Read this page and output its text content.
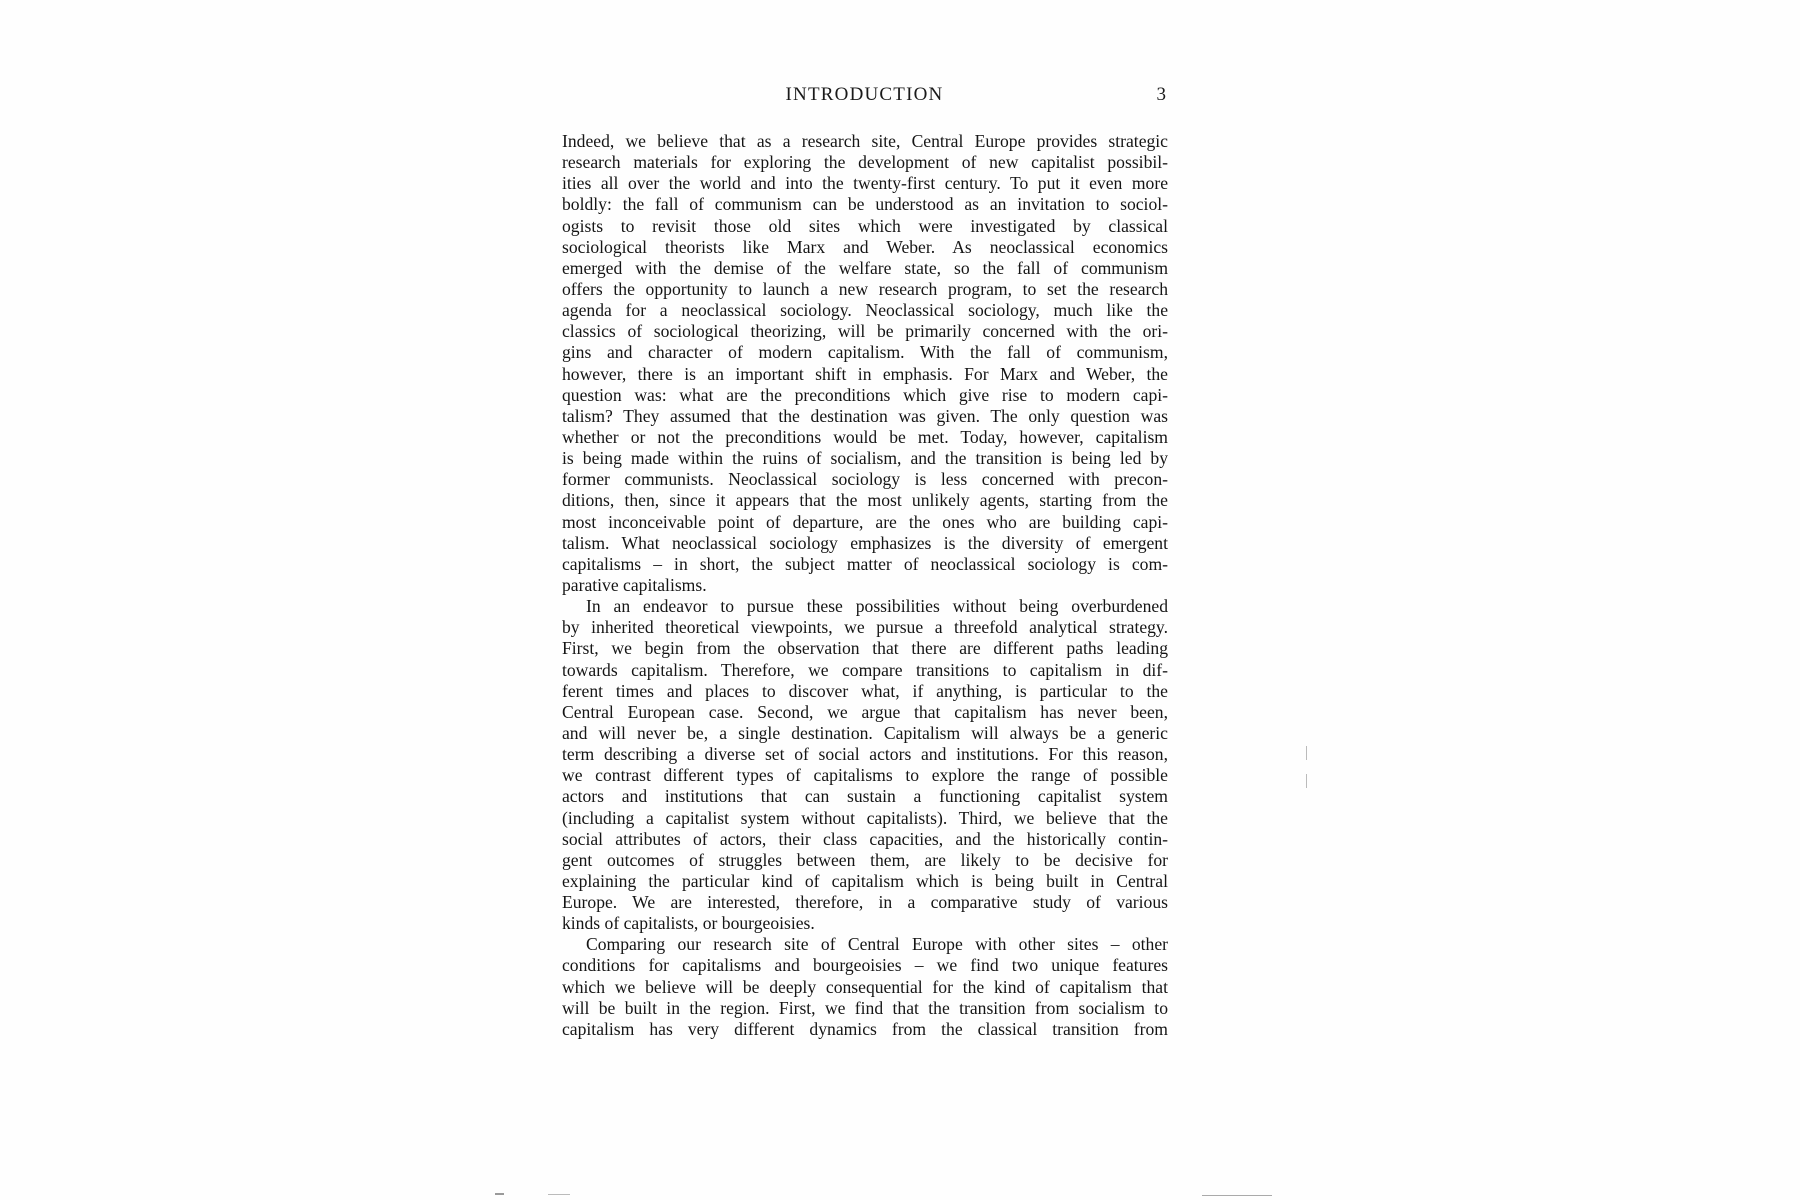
INTRODUCTION	3
Indeed, we believe that as a research site, Central Europe provides strategic
research materials for exploring the development of new capitalist possibil-
ities all over the world and into the twenty-first century. To put it even more
boldly: the fall of communism can be understood as an invitation to sociol-
ogists to revisit those old sites which were investigated by classical
sociological theorists like Marx and Weber. As neoclassical economics
emerged with the demise of the welfare state, so the fall of communism
offers the opportunity to launch a new research program, to set the research
agenda for a neoclassical sociology. Neoclassical sociology, much like the
classics of sociological theorizing, will be primarily concerned with the ori-
gins and character of modern capitalism. With the fall of communism,
however, there is an important shift in emphasis. For Marx and Weber, the
question was: what are the preconditions which give rise to modern capi-
talism? They assumed that the destination was given. The only question was
whether or not the preconditions would be met. Today, however, capitalism
is being made within the ruins of socialism, and the transition is being led by
former communists. Neoclassical sociology is less concerned with precon-
ditions, then, since it appears that the most unlikely agents, starting from the
most inconceivable point of departure, are the ones who are building capi-
talism. What neoclassical sociology emphasizes is the diversity of emergent
capitalisms – in short, the subject matter of neoclassical sociology is com-
parative capitalisms.
In an endeavor to pursue these possibilities without being overburdened
by inherited theoretical viewpoints, we pursue a threefold analytical strategy.
First, we begin from the observation that there are different paths leading
towards capitalism. Therefore, we compare transitions to capitalism in dif-
ferent times and places to discover what, if anything, is particular to the
Central European case. Second, we argue that capitalism has never been,
and will never be, a single destination. Capitalism will always be a generic
term describing a diverse set of social actors and institutions. For this reason,
we contrast different types of capitalisms to explore the range of possible
actors and institutions that can sustain a functioning capitalist system
(including a capitalist system without capitalists). Third, we believe that the
social attributes of actors, their class capacities, and the historically contin-
gent outcomes of struggles between them, are likely to be decisive for
explaining the particular kind of capitalism which is being built in Central
Europe. We are interested, therefore, in a comparative study of various
kinds of capitalists, or bourgeoisies.
Comparing our research site of Central Europe with other sites – other
conditions for capitalisms and bourgeoisies – we find two unique features
which we believe will be deeply consequential for the kind of capitalism that
will be built in the region. First, we find that the transition from socialism to
capitalism has very different dynamics from the classical transition from
